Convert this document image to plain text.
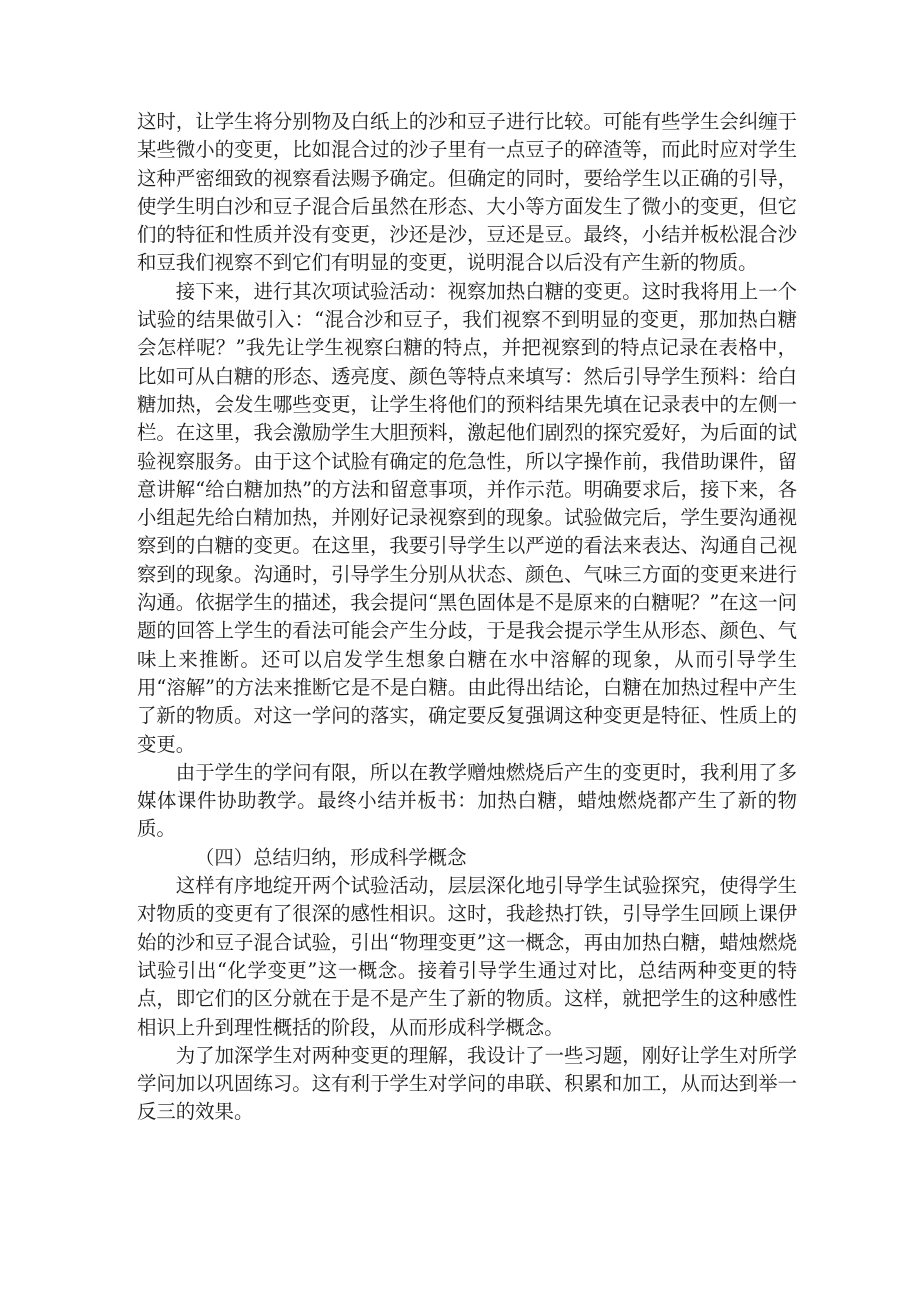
这时，让学生将分别物及白纸上的沙和豆子进行比较。可能有些学生会纠缠于某些微小的变更，比如混合过的沙子里有一点豆子的碎渣等，而此时应对学生这种严密细致的视察看法赐予确定。但确定的同时，要给学生以正确的引导，使学生明白沙和豆子混合后虽然在形态、大小等方面发生了微小的变更，但它们的特征和性质并没有变更，沙还是沙，豆还是豆。最终，小结并板松混合沙和豆我们视察不到它们有明显的变更，说明混合以后没有产生新的物质。

接下来，进行其次项试验活动：视察加热白糖的变更。这时我将用上一个试验的结果做引入：“混合沙和豆子，我们视察不到明显的变更，那加热白糖会怎样呢？”我先让学生视察臼糖的特点，并把视察到的特点记录在表格中，比如可从白糖的形态、透亮度、颜色等特点来填写：然后引导学生预料：给白糖加热，会发生哪些变更，让学生将他们的预料结果先填在记录表中的左侧一栏。在这里，我会激励学生大胆预料，激起他们剧烈的探究爱好，为后面的试验视察服务。由于这个试脸有确定的危急性，所以字操作前，我借助课件，留意讲解“给白糖加热”的方法和留意事项，并作示范。明确要求后，接下来，各小组起先给白精加热，并刚好记录视察到的现象。试验做完后，学生要沟通视察到的白糖的变更。在这里，我要引导学生以严逆的看法来表达、沟通自己视察到的现象。沟通时，引导学生分别从状态、颜色、气味三方面的变更来进行沟通。依据学生的描述，我会提问“黑色固体是不是原来的白糖呢？”在这一问题的回答上学生的看法可能会产生分歧，于是我会提示学生从形态、颜色、气味上来推断。还可以启发学生想象白糖在水中溶解的现象，从而引导学生用“溶解”的方法来推断它是不是白糖。由此得出结论，白糖在加热过程中产生了新的物质。对这一学问的落实，确定要反复强调这种变更是特征、性质上的变更。

由于学生的学问有限，所以在教学赠烛燃烧后产生的变更时，我利用了多媒体课件协助教学。最终小结并板书：加热白糖，蜡烛燃烧都产生了新的物质。

（四）总结归纳，形成科学概念

这样有序地绽开两个试验活动，层层深化地引导学生试验探究，使得学生对物质的变更有了很深的感性相识。这时，我趁热打铁，引导学生回顾上课伊始的沙和豆子混合试验，引出“物理变更”这一概念，再由加热白糖，蜡烛燃烧试验引出“化学变更”这一概念。接着引导学生通过对比，总结两种变更的特点，即它们的区分就在于是不是产生了新的物质。这样，就把学生的这种感性相识上升到理性概括的阶段，从而形成科学概念。

为了加深学生对两种变更的理解，我设计了一些习题，刚好让学生对所学学问加以巩固练习。这有利于学生对学问的串联、积累和加工，从而达到举一反三的效果。
